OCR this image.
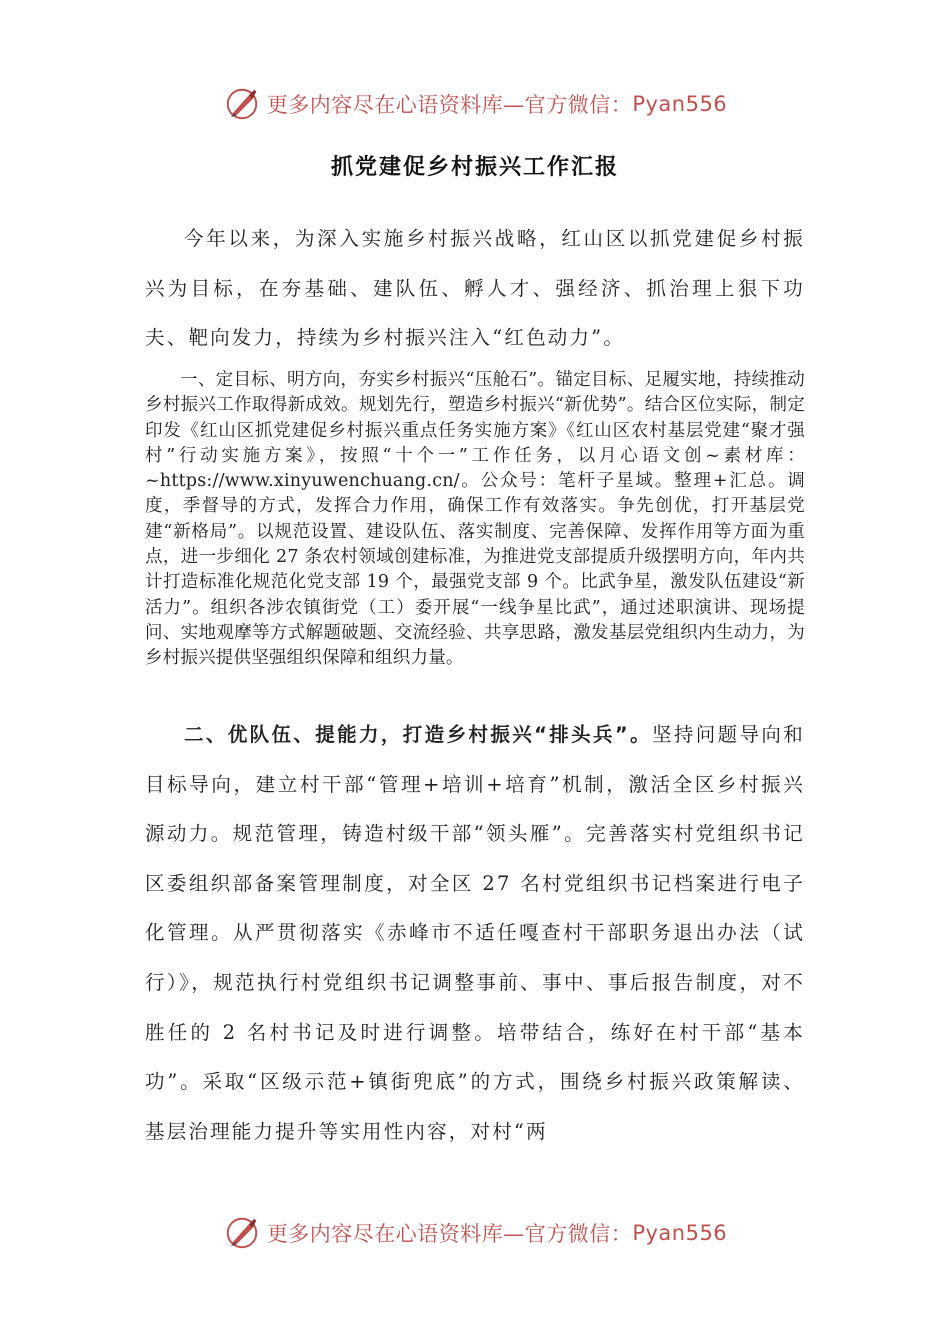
更多内容尽在心语资料库—官方微信： Pyan556
抓党建促乡村振兴工作汇报

今年以来，为深入实施乡村振兴战略，红山区以抓党建促乡村振兴为目标，在夯基础、建队伍、孵人才、强经济、抓治理上狠下功夫、靶向发力，持续为乡村振兴注入“红色动力”。

一、定目标、明方向，夯实乡村振兴“压舱石”。锚定目标、足履实地，持续推动乡村振兴工作取得新成效。规划先行，塑造乡村振兴“新优势”。结合区位实际，制定印发《红山区抓党建促乡村振兴重点任务实施方案》《红山区农村基层党建“聚才强村”行动实施方案》，按照“十个一”工作任务，以月心语文创~素材库：~https://www.xinyuwenchuang.cn/。公众号：笔杆子星域。整理+汇总。调度，季督导的方式，发挥合力作用，确保工作有效落实。争先创优，打开基层党建“新格局”。以规范设置、建设队伍、落实制度、完善保障、发挥作用等方面为重点，进一步细化 27 条农村领域创建标准，为推进党支部提质升级摆明方向，年内共计打造标准化规范化党支部 19 个，最强党支部 9 个。比武争星，激发队伍建设“新活力”。组织各涉农镇街党（工）委开展“一线争星比武”，通过述职演讲、现场提问、实地观摩等方式解题破题、交流经验、共享思路，激发基层党组织内生动力，为乡村振兴提供坚强组织保障和组织力量。

二、优队伍、提能力，打造乡村振兴“排头兵”。坚持问题导向和目标导向，建立村干部“管理+培训+培育”机制，激活全区乡村振兴源动力。规范管理，铸造村级干部“领头雁”。完善落实村党组织书记区委组织部备案管理制度，对全区 27 名村党组织书记档案进行电子化管理。从严贯彻落实《赤峰市不适任嘎查村干部职务退出办法（试行）》，规范执行村党组织书记调整事前、事中、事后报告制度，对不胜任的 2 名村书记及时进行调整。培带结合，练好在村干部“基本功”。采取“区级示范+镇街兜底”的方式，围绕乡村振兴政策解读、基层治理能力提升等实用性内容，对村“两

更多内容尽在心语资料库—官方微信： Pyan556
